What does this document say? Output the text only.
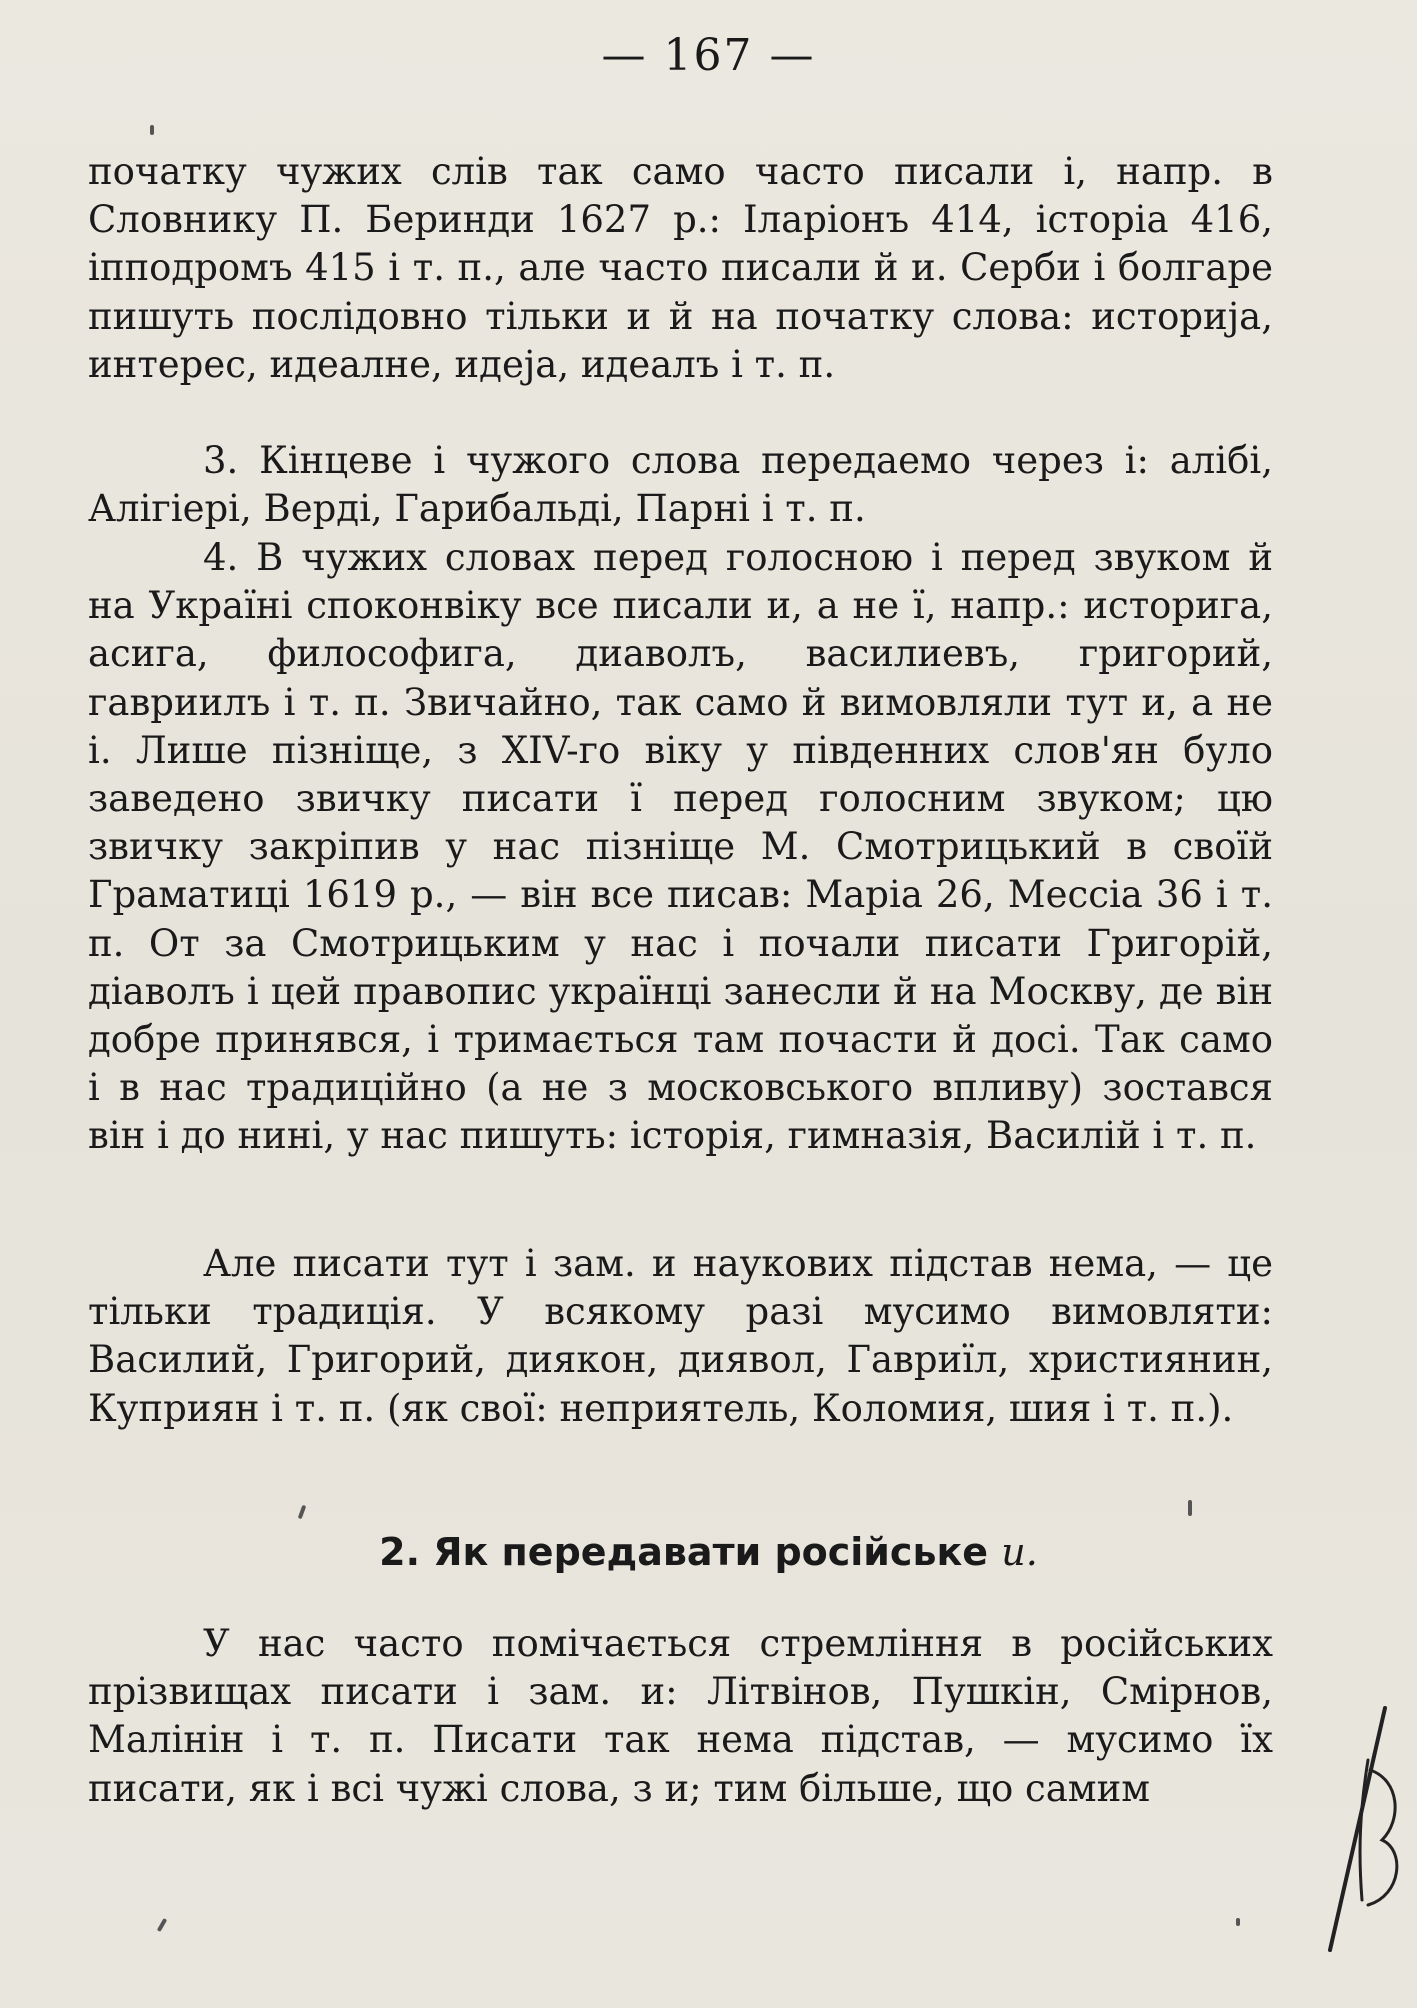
— 167 —

початку чужих слів так само часто писали і, напр. в Словнику П. Беринди 1627 р.: Іларіонъ 414, історіа 416, іпподромъ 415 і т. п., але часто писали й и. Серби і болгаре пишуть послідовно тільки и й на початку слова: историја, интерес, идеалне, идеја, идеалъ і т. п.

3. Кінцеве і чужого слова передаемо через і: алібі, Алігіері, Верді, Гарибальді, Парні і т. п.

4. В чужих словах перед голосною і перед звуком й на Україні споконвіку все писали и, а не ї, напр.: историга, асига, философига, диаволъ, василиевъ, григорий, гавриилъ і т. п. Звичайно, так само й вимовляли тут и, а не і. Лише пізніще, з XIV-го віку у південних слов'ян було заведено звичку писати ї перед голосним звуком; цю звичку закріпив у нас пізніще М. Смотрицький в своїй Граматиці 1619 р., — він все писав: Маріа 26, Мессіа 36 і т. п. От за Смотрицьким у нас і почали писати Григорій, діаволъ і цей правопис українці занесли й на Москву, де він добре принявся, і тримається там почасти й досі. Так само і в нас традиційно (а не з московського впливу) зостався він і до нині, у нас пишуть: історія, гимназія, Василій і т. п.

Але писати тут і зам. и наукових підстав нема, — це тільки традиція. У всякому разі мусимо вимовляти: Василий, Григорий, диякон, диявол, Гавриїл, християнин, Куприян і т. п. (як свої: неприятель, Коломия, шия і т. п.).

2. Як передавати російське и.

У нас часто помічається стремління в російських прізвищах писати і зам. и: Літвінов, Пушкін, Смірнов, Малінін і т. п. Писати так нема підстав, — мусимо їх писати, як і всі чужі слова, з и; тим більше, що самим
